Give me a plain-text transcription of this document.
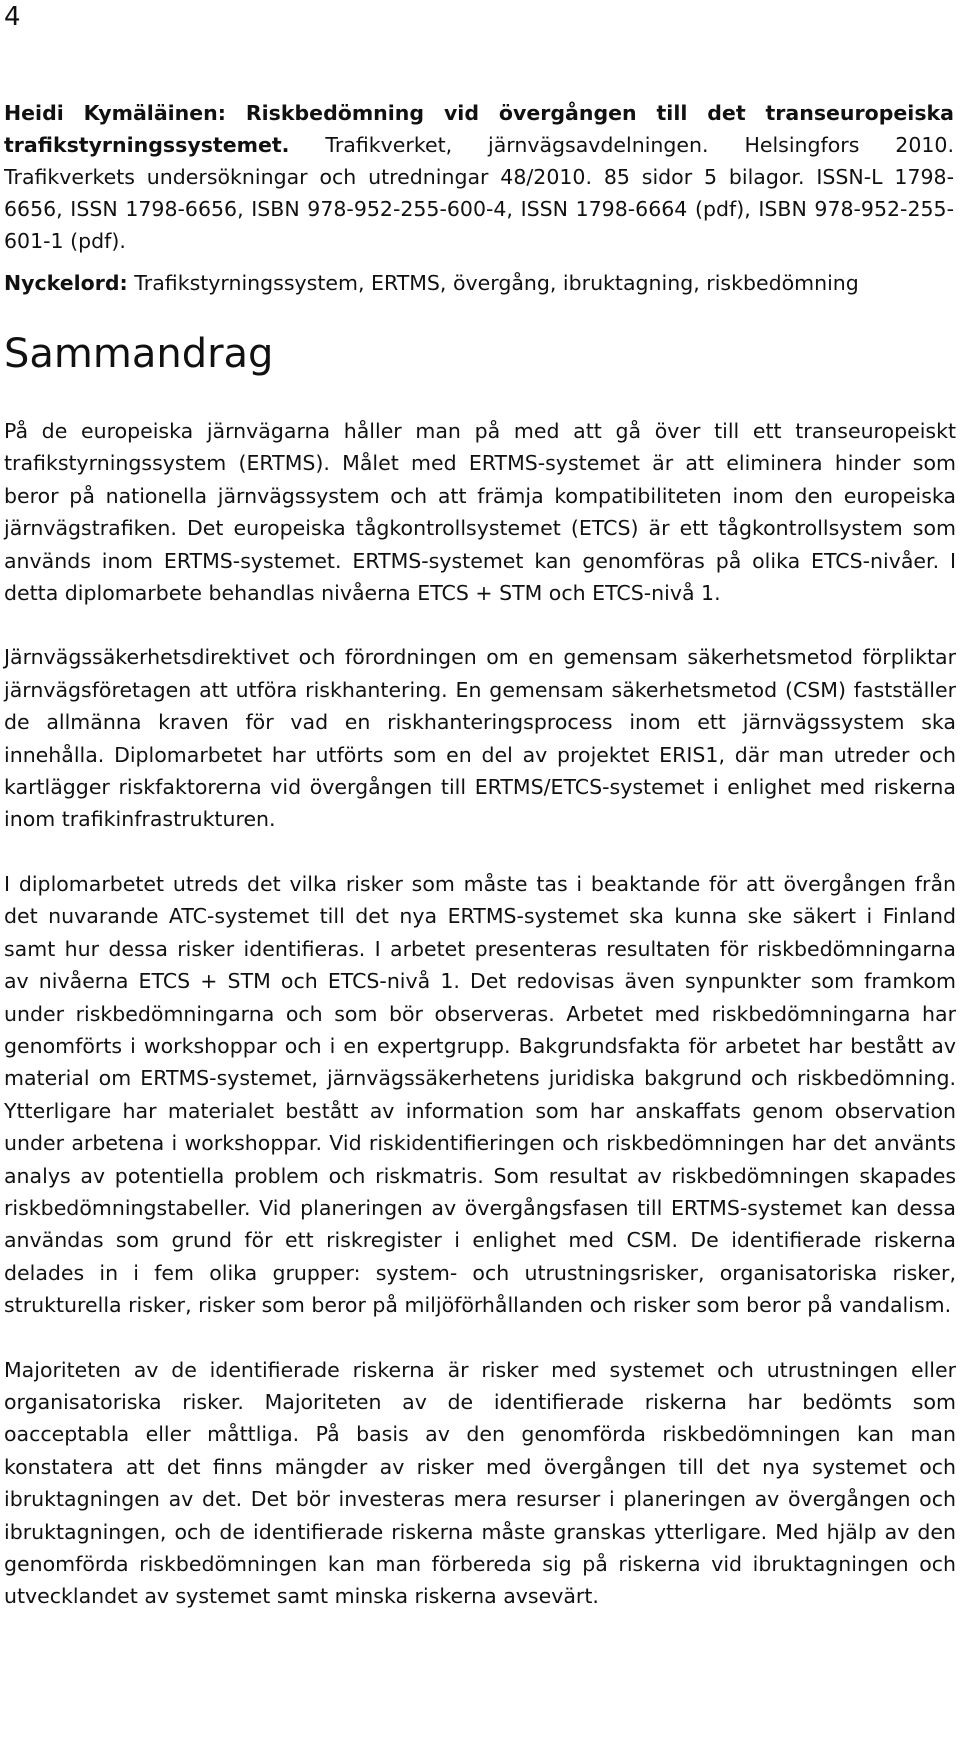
4
Heidi Kymäläinen: Riskbedömning vid övergången till det transeuropeiska trafikstyrningssystemet. Trafikverket, järnvägsavdelningen. Helsingfors 2010. Trafikverkets undersökningar och utredningar 48/2010. 85 sidor 5 bilagor. ISSN-L 1798-6656, ISSN 1798-6656, ISBN 978-952-255-600-4, ISSN 1798-6664 (pdf), ISBN 978-952-255-601-1 (pdf).
Nyckelord: Trafikstyrningssystem, ERTMS, övergång, ibruktagning, riskbedömning
Sammandrag

På de europeiska järnvägarna håller man på med att gå över till ett transeuropeiskt trafikstyrningssystem (ERTMS). Målet med ERTMS-systemet är att eliminera hinder som beror på nationella järnvägssystem och att främja kompatibiliteten inom den europeiska järnvägstrafiken. Det europeiska tågkontrollsystemet (ETCS) är ett tågkontrollsystem som används inom ERTMS-systemet. ERTMS-systemet kan genomföras på olika ETCS-nivåer. I detta diplomarbete behandlas nivåerna ETCS + STM och ETCS-nivå 1.

Järnvägssäkerhetsdirektivet och förordningen om en gemensam säkerhetsmetod förpliktar järnvägsföretagen att utföra riskhantering. En gemensam säkerhetsmetod (CSM) fastställer de allmänna kraven för vad en riskhanteringsprocess inom ett järnvägssystem ska innehålla. Diplomarbetet har utförts som en del av projektet ERIS1, där man utreder och kartlägger riskfaktorerna vid övergången till ERTMS/ETCS-systemet i enlighet med riskerna inom trafikinfrastrukturen.

I diplomarbetet utreds det vilka risker som måste tas i beaktande för att övergången från det nuvarande ATC-systemet till det nya ERTMS-systemet ska kunna ske säkert i Finland samt hur dessa risker identifieras. I arbetet presenteras resultaten för riskbedömningarna av nivåerna ETCS + STM och ETCS-nivå 1. Det redovisas även synpunkter som framkom under riskbedömningarna och som bör observeras. Arbetet med riskbedömningarna har genomförts i workshoppar och i en expertgrupp. Bakgrundsfakta för arbetet har bestått av material om ERTMS-systemet, järnvägssäkerhetens juridiska bakgrund och riskbedömning. Ytterligare har materialet bestått av information som har anskaffats genom observation under arbetena i workshoppar. Vid riskidentifieringen och riskbedömningen har det använts analys av potentiella problem och riskmatris. Som resultat av riskbedömningen skapades riskbedömningstabeller. Vid planeringen av övergångsfasen till ERTMS-systemet kan dessa användas som grund för ett riskregister i enlighet med CSM. De identifierade riskerna delades in i fem olika grupper: system- och utrustningsrisker, organisatoriska risker, strukturella risker, risker som beror på miljöförhållanden och risker som beror på vandalism.

Majoriteten av de identifierade riskerna är risker med systemet och utrustningen eller organisatoriska risker. Majoriteten av de identifierade riskerna har bedömts som oacceptabla eller måttliga. På basis av den genomförda riskbedömningen kan man konstatera att det finns mängder av risker med övergången till det nya systemet och ibruktagningen av det. Det bör investeras mera resurser i planeringen av övergången och ibruktagningen, och de identifierade riskerna måste granskas ytterligare. Med hjälp av den genomförda riskbedömningen kan man förbereda sig på riskerna vid ibruktagningen och utvecklandet av systemet samt minska riskerna avsevärt.
